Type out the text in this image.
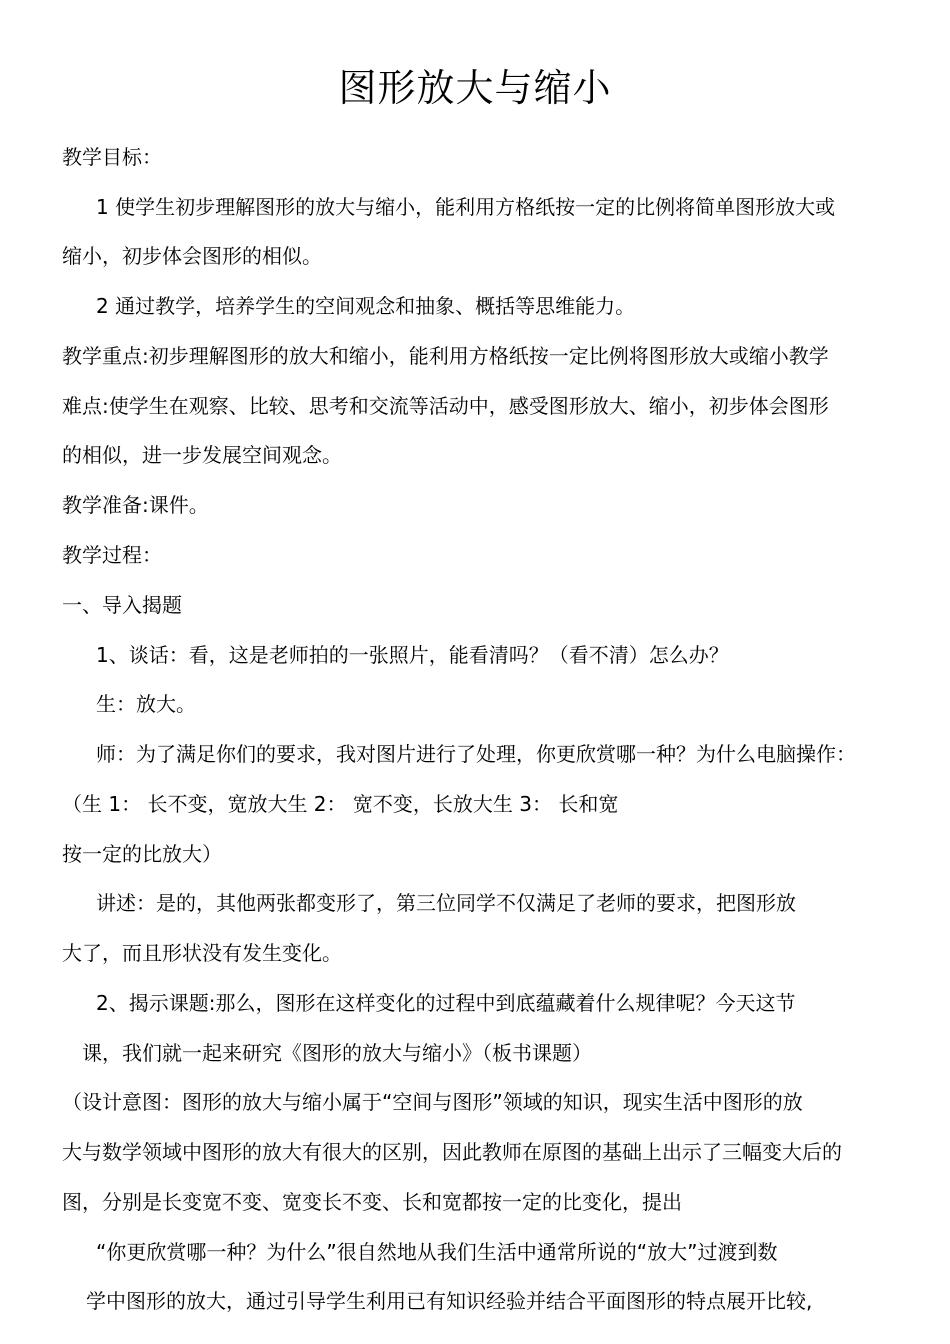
图形放大与缩小
教学目标：
1 使学生初步理解图形的放大与缩小，能利用方格纸按一定的比例将简单图形放大或
缩小，初步体会图形的相似。
2 通过教学，培养学生的空间观念和抽象、概括等思维能力。
教学重点:初步理解图形的放大和缩小，能利用方格纸按一定比例将图形放大或缩小教学
难点:使学生在观察、比较、思考和交流等活动中，感受图形放大、缩小，初步体会图形
的相似，进一步发展空间观念。
教学准备:课件。
教学过程：
一、导入揭题
1、谈话：看，这是老师拍的一张照片，能看清吗？（看不清）怎么办？
生：放大。
师：为了满足你们的要求，我对图片进行了处理，你更欣赏哪一种？为什么电脑操作：
（生 1： 长不变，宽放大生 2： 宽不变，长放大生 3： 长和宽
按一定的比放大）
讲述：是的，其他两张都变形了，第三位同学不仅满足了老师的要求，把图形放
大了，而且形状没有发生变化。
2、揭示课题:那么，图形在这样变化的过程中到底蕴藏着什么规律呢？今天这节
课，我们就一起来研究《图形的放大与缩小》（板书课题）
（设计意图：图形的放大与缩小属于“空间与图形”领域的知识，现实生活中图形的放
大与数学领域中图形的放大有很大的区别，因此教师在原图的基础上出示了三幅变大后的
图，分别是长变宽不变、宽变长不变、长和宽都按一定的比变化，提出
“你更欣赏哪一种？为什么”很自然地从我们生活中通常所说的“放大”过渡到数
学中图形的放大，通过引导学生利用已有知识经验并结合平面图形的特点展开比较,
